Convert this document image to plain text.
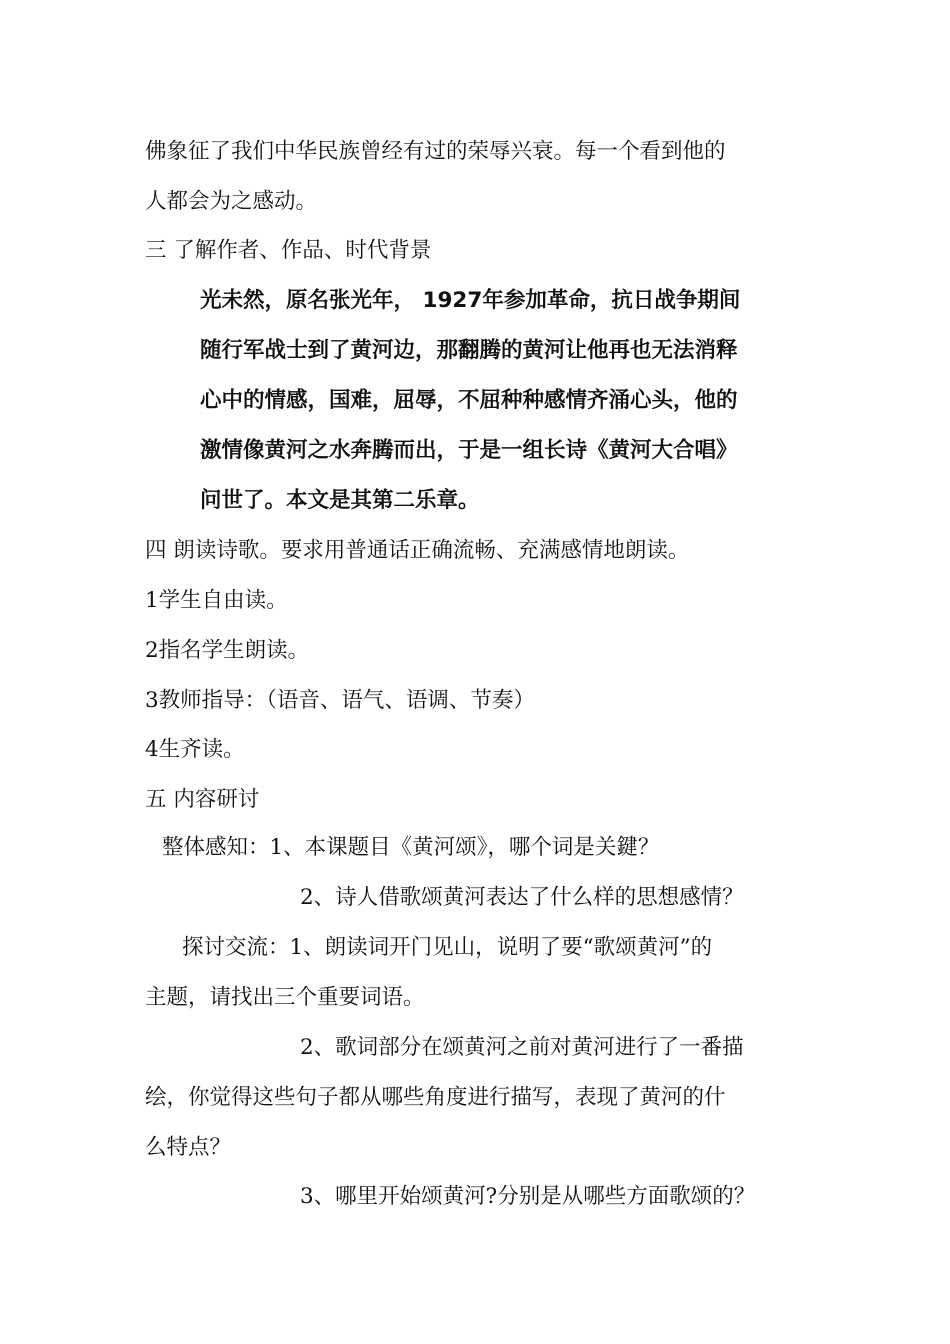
佛象征了我们中华民族曾经有过的荣辱兴衰。每一个看到他的
人都会为之感动。
三 了解作者、作品、时代背景
光未然，原名张光年， 1927年参加革命，抗日战争期间
随行军战士到了黄河边，那翻腾的黄河让他再也无法消释
心中的情感，国难，屈辱，不屈种种感情齐涌心头，他的
激情像黄河之水奔腾而出，于是一组长诗《黄河大合唱》
问世了。本文是其第二乐章。
四 朗读诗歌。要求用普通话正确流畅、充满感情地朗读。
1学生自由读。
2指名学生朗读。
3教师指导：（语音、语气、语调、节奏）
4生齐读。
五 内容研讨
整体感知：1、本课题目《黄河颂》，哪个词是关鍵？
2、诗人借歌颂黄河表达了什么样的思想感情？
探讨交流：1、朗读词开门见山，说明了要“歌颂黄河”的
主题，请找出三个重要词语。
2、歌词部分在颂黄河之前对黄河进行了一番描
绘，你觉得这些句子都从哪些角度进行描写，表现了黄河的什
么特点？
3、哪里开始颂黄河?分别是从哪些方面歌颂的？
